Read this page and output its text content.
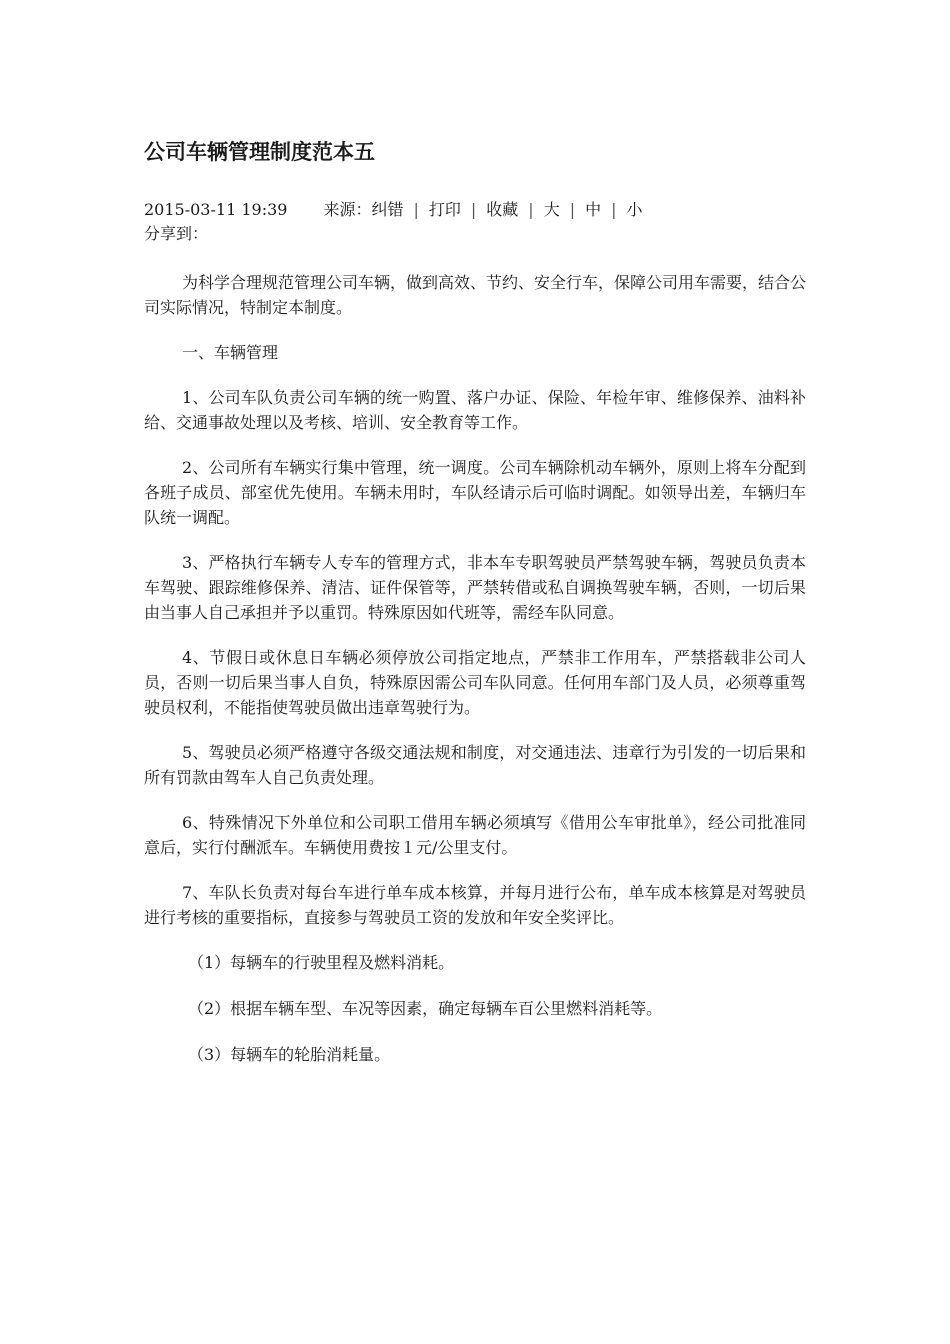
公司车辆管理制度范本五
2015-03-11 19:39 来源：纠错 | 打印 | 收藏 | 大 | 中 | 小
分享到：

为科学合理规范管理公司车辆，做到高效、节约、安全行车，保障公司用车需要，结合公司实际情况，特制定本制度。

一、车辆管理

1、公司车队负责公司车辆的统一购置、落户办证、保险、年检年审、维修保养、油料补给、交通事故处理以及考核、培训、安全教育等工作。

2、公司所有车辆实行集中管理，统一调度。公司车辆除机动车辆外，原则上将车分配到各班子成员、部室优先使用。车辆未用时，车队经请示后可临时调配。如领导出差，车辆归车队统一调配。

3、严格执行车辆专人专车的管理方式，非本车专职驾驶员严禁驾驶车辆，驾驶员负责本车驾驶、跟踪维修保养、清洁、证件保管等，严禁转借或私自调换驾驶车辆，否则，一切后果由当事人自己承担并予以重罚。特殊原因如代班等，需经车队同意。

4、节假日或休息日车辆必须停放公司指定地点，严禁非工作用车，严禁搭载非公司人员，否则一切后果当事人自负，特殊原因需公司车队同意。任何用车部门及人员，必须尊重驾驶员权利，不能指使驾驶员做出违章驾驶行为。

5、驾驶员必须严格遵守各级交通法规和制度，对交通违法、违章行为引发的一切后果和所有罚款由驾车人自己负责处理。

6、特殊情况下外单位和公司职工借用车辆必须填写《借用公车审批单》，经公司批准同意后，实行付酬派车。车辆使用费按１元/公里支付。

7、车队长负责对每台车进行单车成本核算，并每月进行公布，单车成本核算是对驾驶员进行考核的重要指标，直接参与驾驶员工资的发放和年安全奖评比。

（1）每辆车的行驶里程及燃料消耗。

（2）根据车辆车型、车况等因素，确定每辆车百公里燃料消耗等。

（3）每辆车的轮胎消耗量。
